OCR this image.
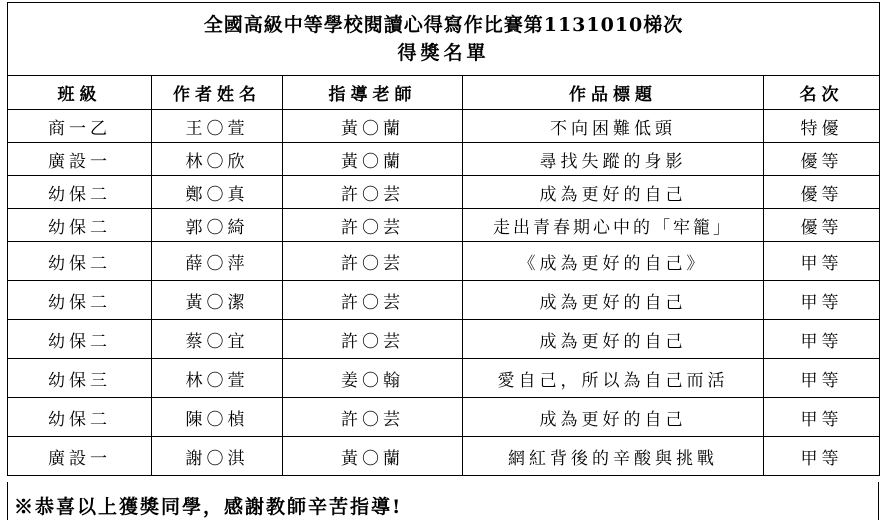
全國高級中等學校閱讀心得寫作比賽第1131010梯次
得獎名單				

班級	作者姓名	指導老師	作品標題	名次
商一乙	王〇萱	黃〇蘭	不向困難低頭	特優
廣設一	林〇欣	黃〇蘭	尋找失蹤的身影	優等
幼保二	鄭〇真	許〇芸	成為更好的自己	優等
幼保二	郭〇綺	許〇芸	走出青春期心中的「牢籠」	優等
幼保二	薛〇萍	許〇芸	《成為更好的自己》	甲等
幼保二	黃〇潔	許〇芸	成為更好的自己	甲等
幼保二	蔡〇宜	許〇芸	成為更好的自己	甲等
幼保三	林〇萱	姜〇翰	愛自己，所以為自己而活	甲等
幼保二	陳〇楨	許〇芸	成為更好的自己	甲等
廣設一	謝〇淇	黃〇蘭	網紅背後的辛酸與挑戰	甲等
※恭喜以上獲獎同學，感謝教師辛苦指導!
